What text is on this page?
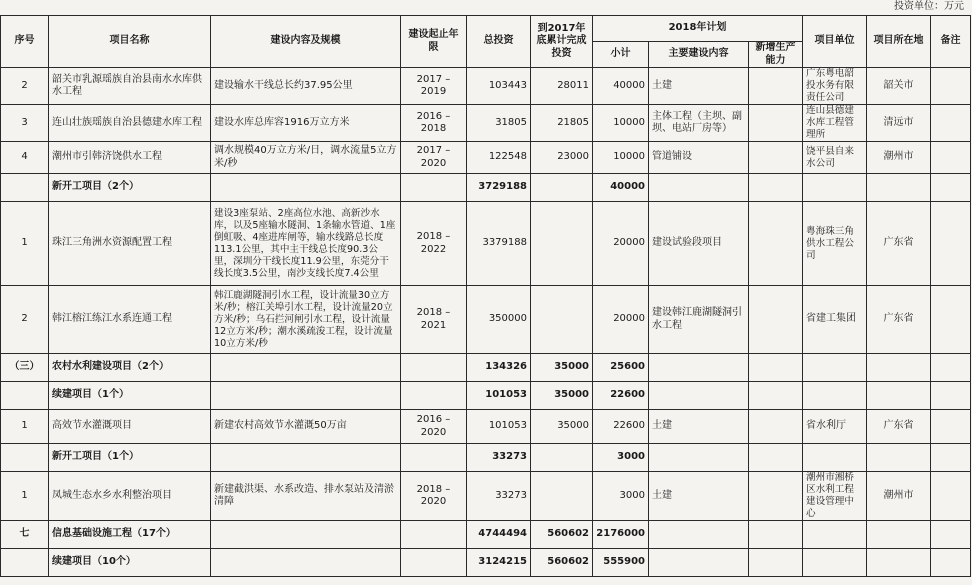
投资单位：万元
序号	项目名称	建设内容及规模	建设起止年限	总投资	到2017年底累计完成投资	2018年计划			项目单位	项目所在地	备注
						小计	主要建设内容	新增生产能力			
2	韶关市乳源瑶族自治县南水水库供水工程	建设输水干线总长约37.95公里	2017 – 2019	103443	28011	40000	土建		广东粤电韶投水务有限责任公司	韶关市	
3	连山壮族瑶族自治县德建水库工程	建设水库总库容1916万立方米	2016 – 2018	31805	21805	10000	主体工程（主坝、副坝、电站厂房等）		连山县德建水库工程管理所	清远市	
4	潮州市引韩济饶供水工程	调水规模40万立方米/日，调水流量5立方米/秒	2017 – 2020	122548	23000	10000	管道铺设		饶平县自来水公司	潮州市	
	新开工项目（2个）			3729188		40000					
1	珠江三角洲水资源配置工程	建设3座泵站、2座高位水池、高新沙水库，以及5座输水隧洞、1条输水管道、1座倒虹吸、4座进库闸等，输水线路总长度113.1公里，其中主干线总长度90.3公里，深圳分干线长度11.9公里，东莞分干线长度3.5公里，南沙支线长度7.4公里	2018 – 2022	3379188		20000	建设试验段项目		粤海珠三角供水工程公司	广东省	
2	韩江榕江练江水系连通工程	韩江鹿湖隧洞引水工程，设计流量30立方米/秒；榕江关埠引水工程，设计流量20立方米/秒；乌石拦河闸引水工程，设计流量12立方米/秒；潮水溪疏浚工程，设计流量10立方米/秒	2018 – 2021	350000		20000	建设韩江鹿湖隧洞引水工程		省建工集团	广东省	
（三）	农村水利建设项目（2个）			134326	35000	25600					
	续建项目（1个）			101053	35000	22600					
1	高效节水灌溉项目	新建农村高效节水灌溉50万亩	2016 – 2020	101053	35000	22600	土建		省水利厅	广东省	
	新开工项目（1个）			33273		3000					
1	凤城生态水乡水利整治项目	新建截洪渠、水系改造、排水泵站及清淤清障	2018 – 2020	33273		3000	土建		潮州市湘桥区水利工程建设管理中心	潮州市	
七	信息基础设施工程（17个）			4744494	560602	2176000					
	续建项目（10个）			3124215	560602	555900					
